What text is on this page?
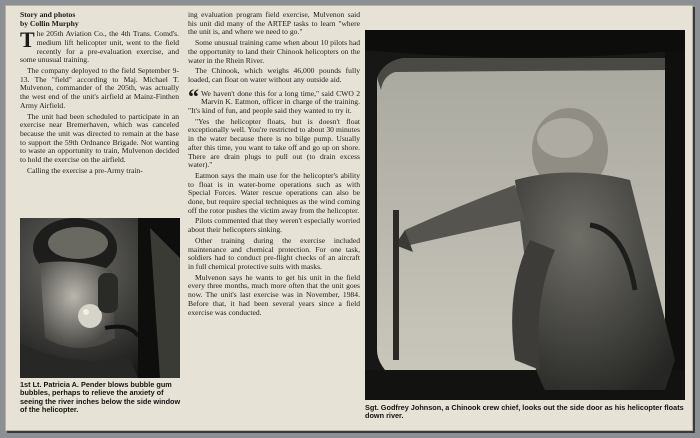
Story and photos
by Collin Murphy

The 205th Aviation Co., the 4th Trans. Comd's. medium lift helicopter unit, went to the field recently for a pre-evaluation exercise, and some unusual training.

The company deployed to the field September 9-13. The "field" according to Maj. Michael T. Mulvenon, commander of the 205th, was actually the west end of the unit's airfield at Mainz-Finthen Army Airfield.

The unit had been scheduled to participate in an exercise near Bremerhaven, which was canceled because the unit was directed to remain at the base to support the 59th Ordnance Brigade. Not wanting to waste an opportunity to train, Mulvenon decided to hold the exercise on the airfield.

Calling the exercise a pre-Army train-

1st Lt. Patricia A. Pender blows bubble gum bubbles, perhaps to relieve the anxiety of seeing the river inches below the side window of the helicopter.

ing evaluation program field exercise, Mulvenon said his unit did many of the ARTEP tasks to learn "where the unit is, and where we need to go."

Some unusual training came when about 10 pilots had the opportunity to land their Chinook helicopters on the water in the Rhein River.

The Chinook, which weighs 46,000 pounds fully loaded, can float on water without any outside aid.

“ We haven't done this for a long time," said CWO 2 Marvin K. Eatmon, officer in charge of the training. "It's kind of fun, and people said they wanted to try it.

"Yes the helicopter floats, but is doesn't float exceptionally well. You're restricted to about 30 minutes in the water because there is no bilge pump. Usually after this time, you want to take off and go up on shore. There are drain plugs to pull out (to drain excess water)."

Eatmon says the main use for the helicopter's ability to float is in water-borne operations such as with Special Forces. Water rescue operations can also be done, but require special techniques as the wind coming off the rotor pushes the victim away from the helicopter.

Pilots commented that they weren't especially worried about their helicopters sinking.

Other training during the exercise included maintenance and chemical protection. For one task, soldiers had to conduct pre-flight checks of an aircraft in full chemical protective suits with masks.

Mulvenon says he wants to get his unit in the field every three months, much more often that the unit goes now. The unit's last exercise was in November, 1984. Before that, it had been several years since a field exercise was conducted.

Sgt. Godfrey Johnson, a Chinook crew chief, looks out the side door as his helicopter floats down river.
